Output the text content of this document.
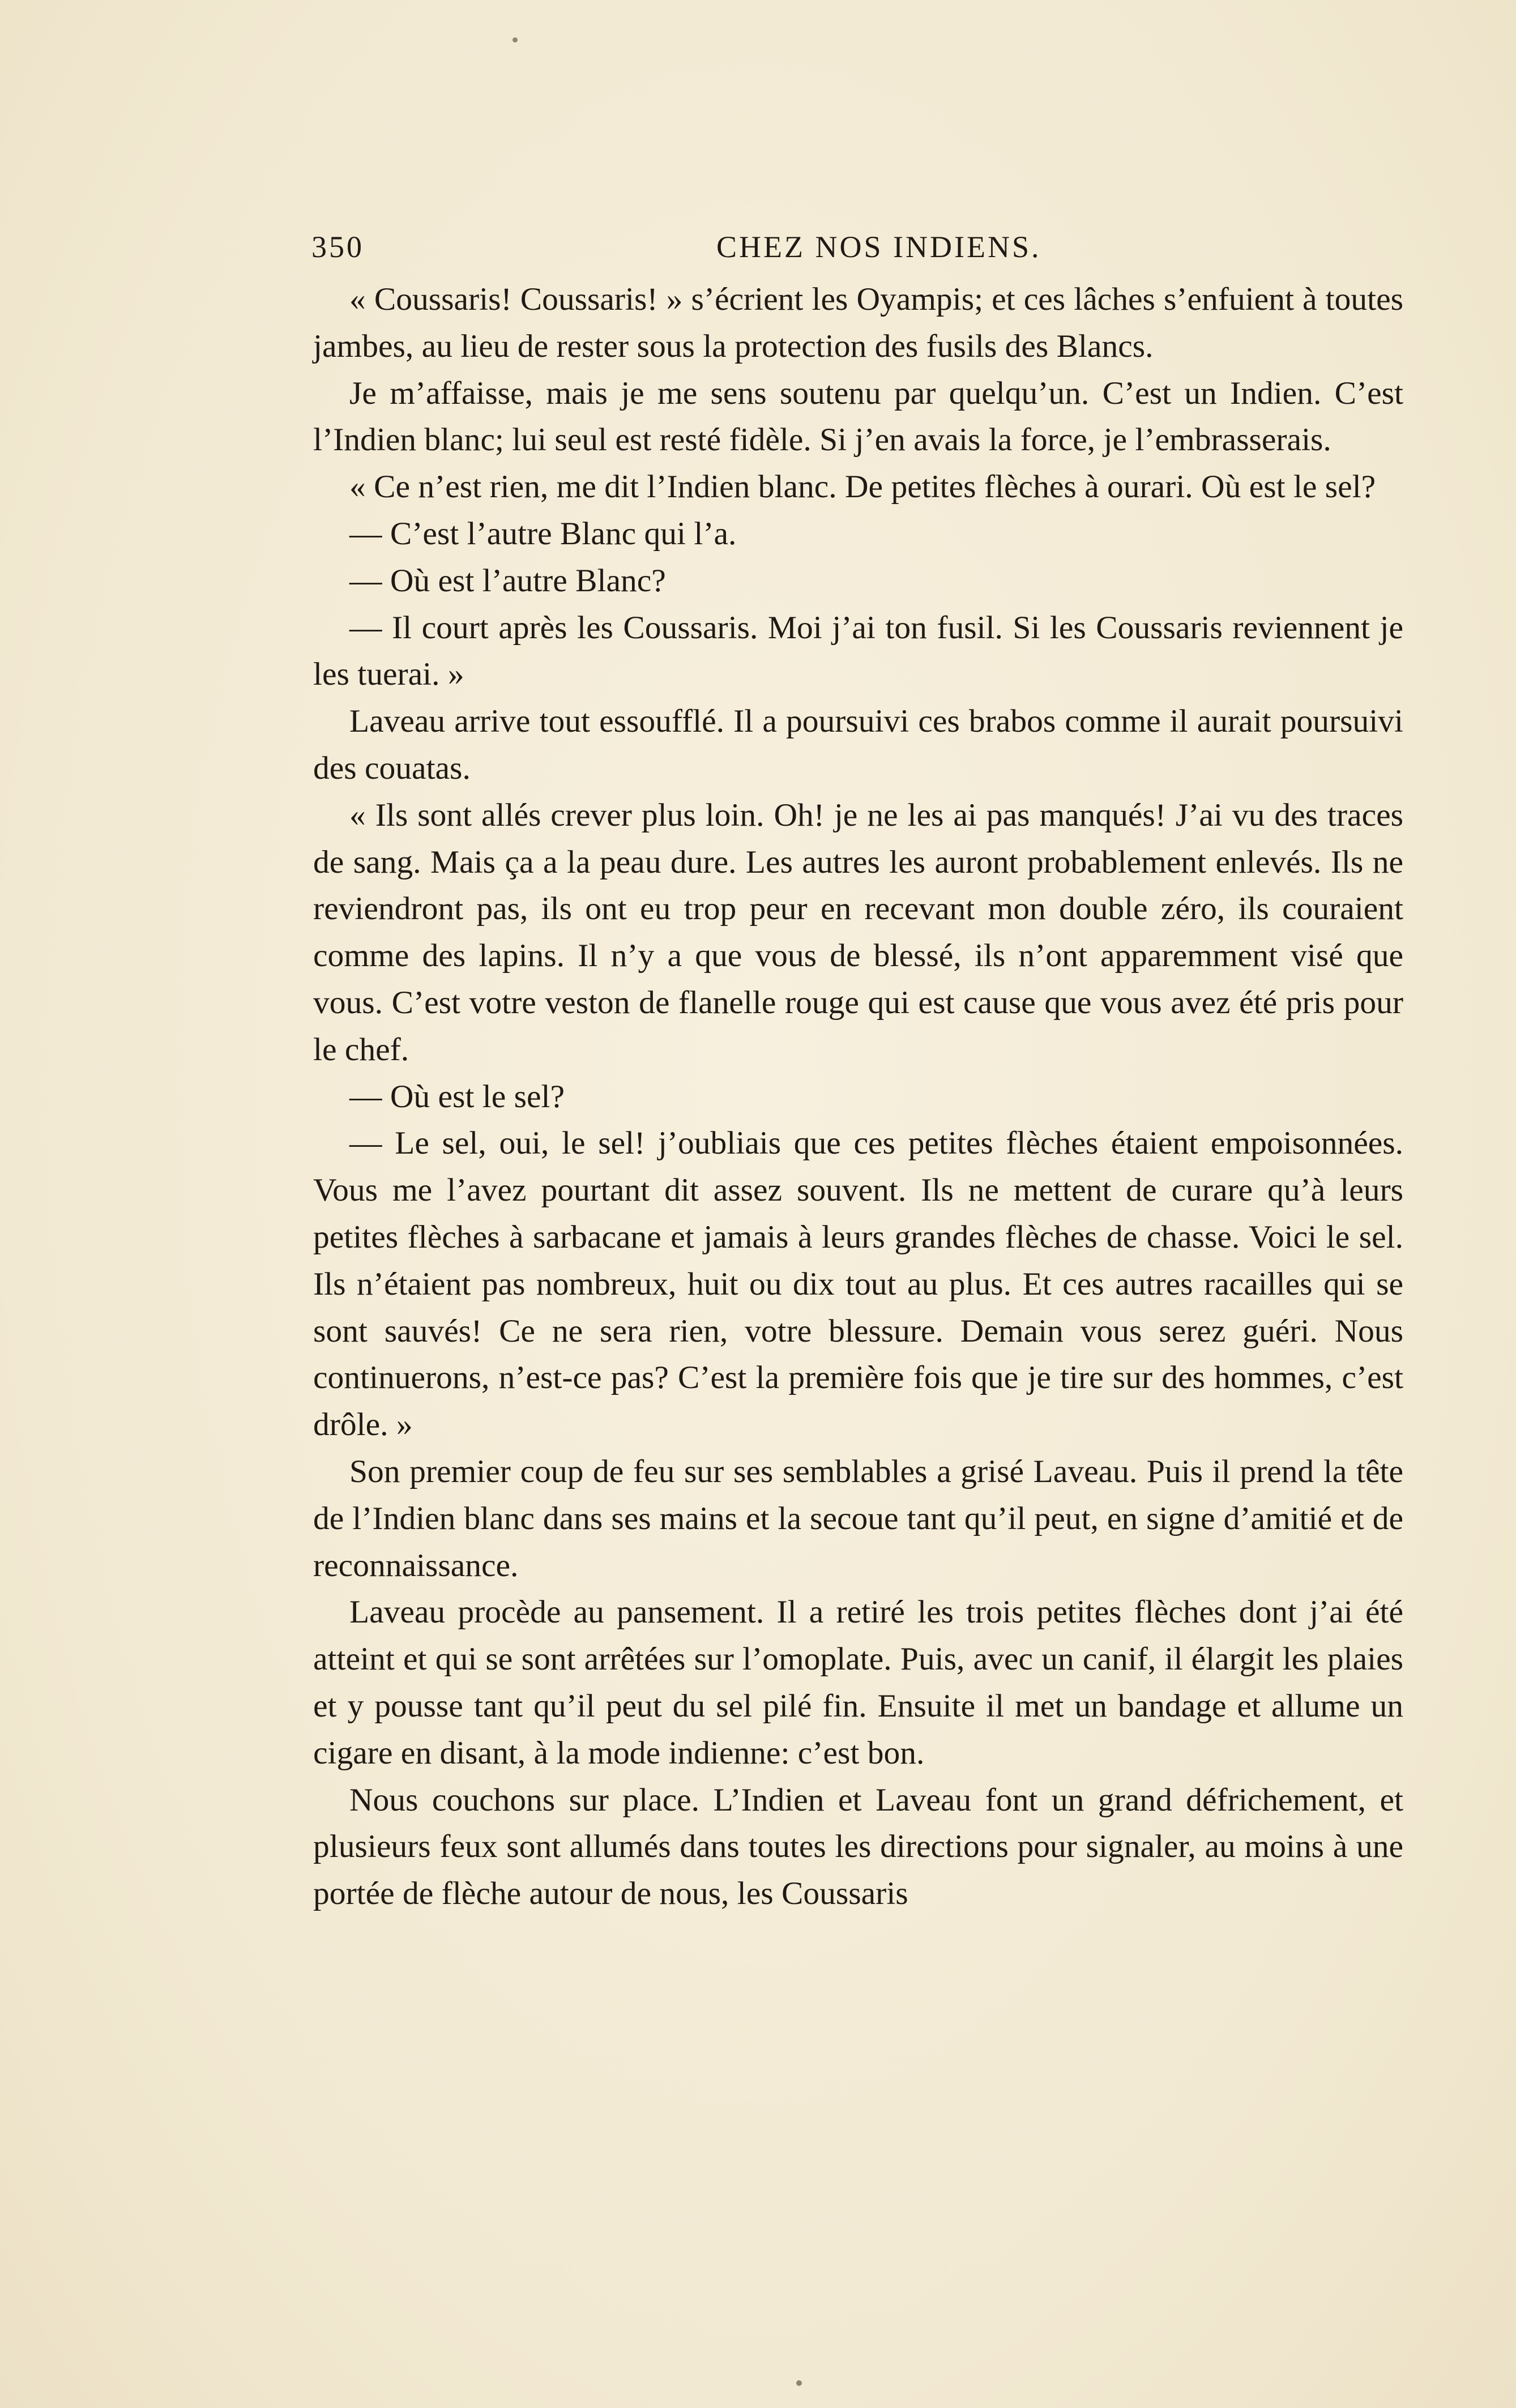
350	CHEZ NOS INDIENS.

« Coussaris! Coussaris! » s’écrient les Oyampis; et ces lâches s’enfuient à toutes jambes, au lieu de rester sous la protection des fusils des Blancs.

Je m’affaisse, mais je me sens soutenu par quelqu’un. C’est un Indien. C’est l’Indien blanc; lui seul est resté fidèle. Si j’en avais la force, je l’embrasserais.

« Ce n’est rien, me dit l’Indien blanc. De petites flèches à ourari. Où est le sel?

— C’est l’autre Blanc qui l’a.

— Où est l’autre Blanc?

— Il court après les Coussaris. Moi j’ai ton fusil. Si les Coussaris reviennent je les tuerai. »

Laveau arrive tout essoufflé. Il a poursuivi ces brabos comme il aurait poursuivi des couatas.

« Ils sont allés crever plus loin. Oh! je ne les ai pas manqués! J’ai vu des traces de sang. Mais ça a la peau dure. Les autres les auront probablement enlevés. Ils ne reviendront pas, ils ont eu trop peur en recevant mon double zéro, ils couraient comme des lapins. Il n’y a que vous de blessé, ils n’ont apparemment visé que vous. C’est votre veston de flanelle rouge qui est cause que vous avez été pris pour le chef.

— Où est le sel?

— Le sel, oui, le sel! j’oubliais que ces petites flèches étaient empoisonnées. Vous me l’avez pourtant dit assez souvent. Ils ne mettent de curare qu’à leurs petites flèches à sarbacane et jamais à leurs grandes flèches de chasse. Voici le sel. Ils n’étaient pas nombreux, huit ou dix tout au plus. Et ces autres racailles qui se sont sauvés! Ce ne sera rien, votre blessure. Demain vous serez guéri. Nous continuerons, n’est-ce pas? C’est la première fois que je tire sur des hommes, c’est drôle. »

Son premier coup de feu sur ses semblables a grisé Laveau. Puis il prend la tête de l’Indien blanc dans ses mains et la secoue tant qu’il peut, en signe d’amitié et de reconnaissance.

Laveau procède au pansement. Il a retiré les trois petites flèches dont j’ai été atteint et qui se sont arrêtées sur l’omoplate. Puis, avec un canif, il élargit les plaies et y pousse tant qu’il peut du sel pilé fin. Ensuite il met un bandage et allume un cigare en disant, à la mode indienne: c’est bon.

Nous couchons sur place. L’Indien et Laveau font un grand défrichement, et plusieurs feux sont allumés dans toutes les directions pour signaler, au moins à une portée de flèche autour de nous, les Coussaris
